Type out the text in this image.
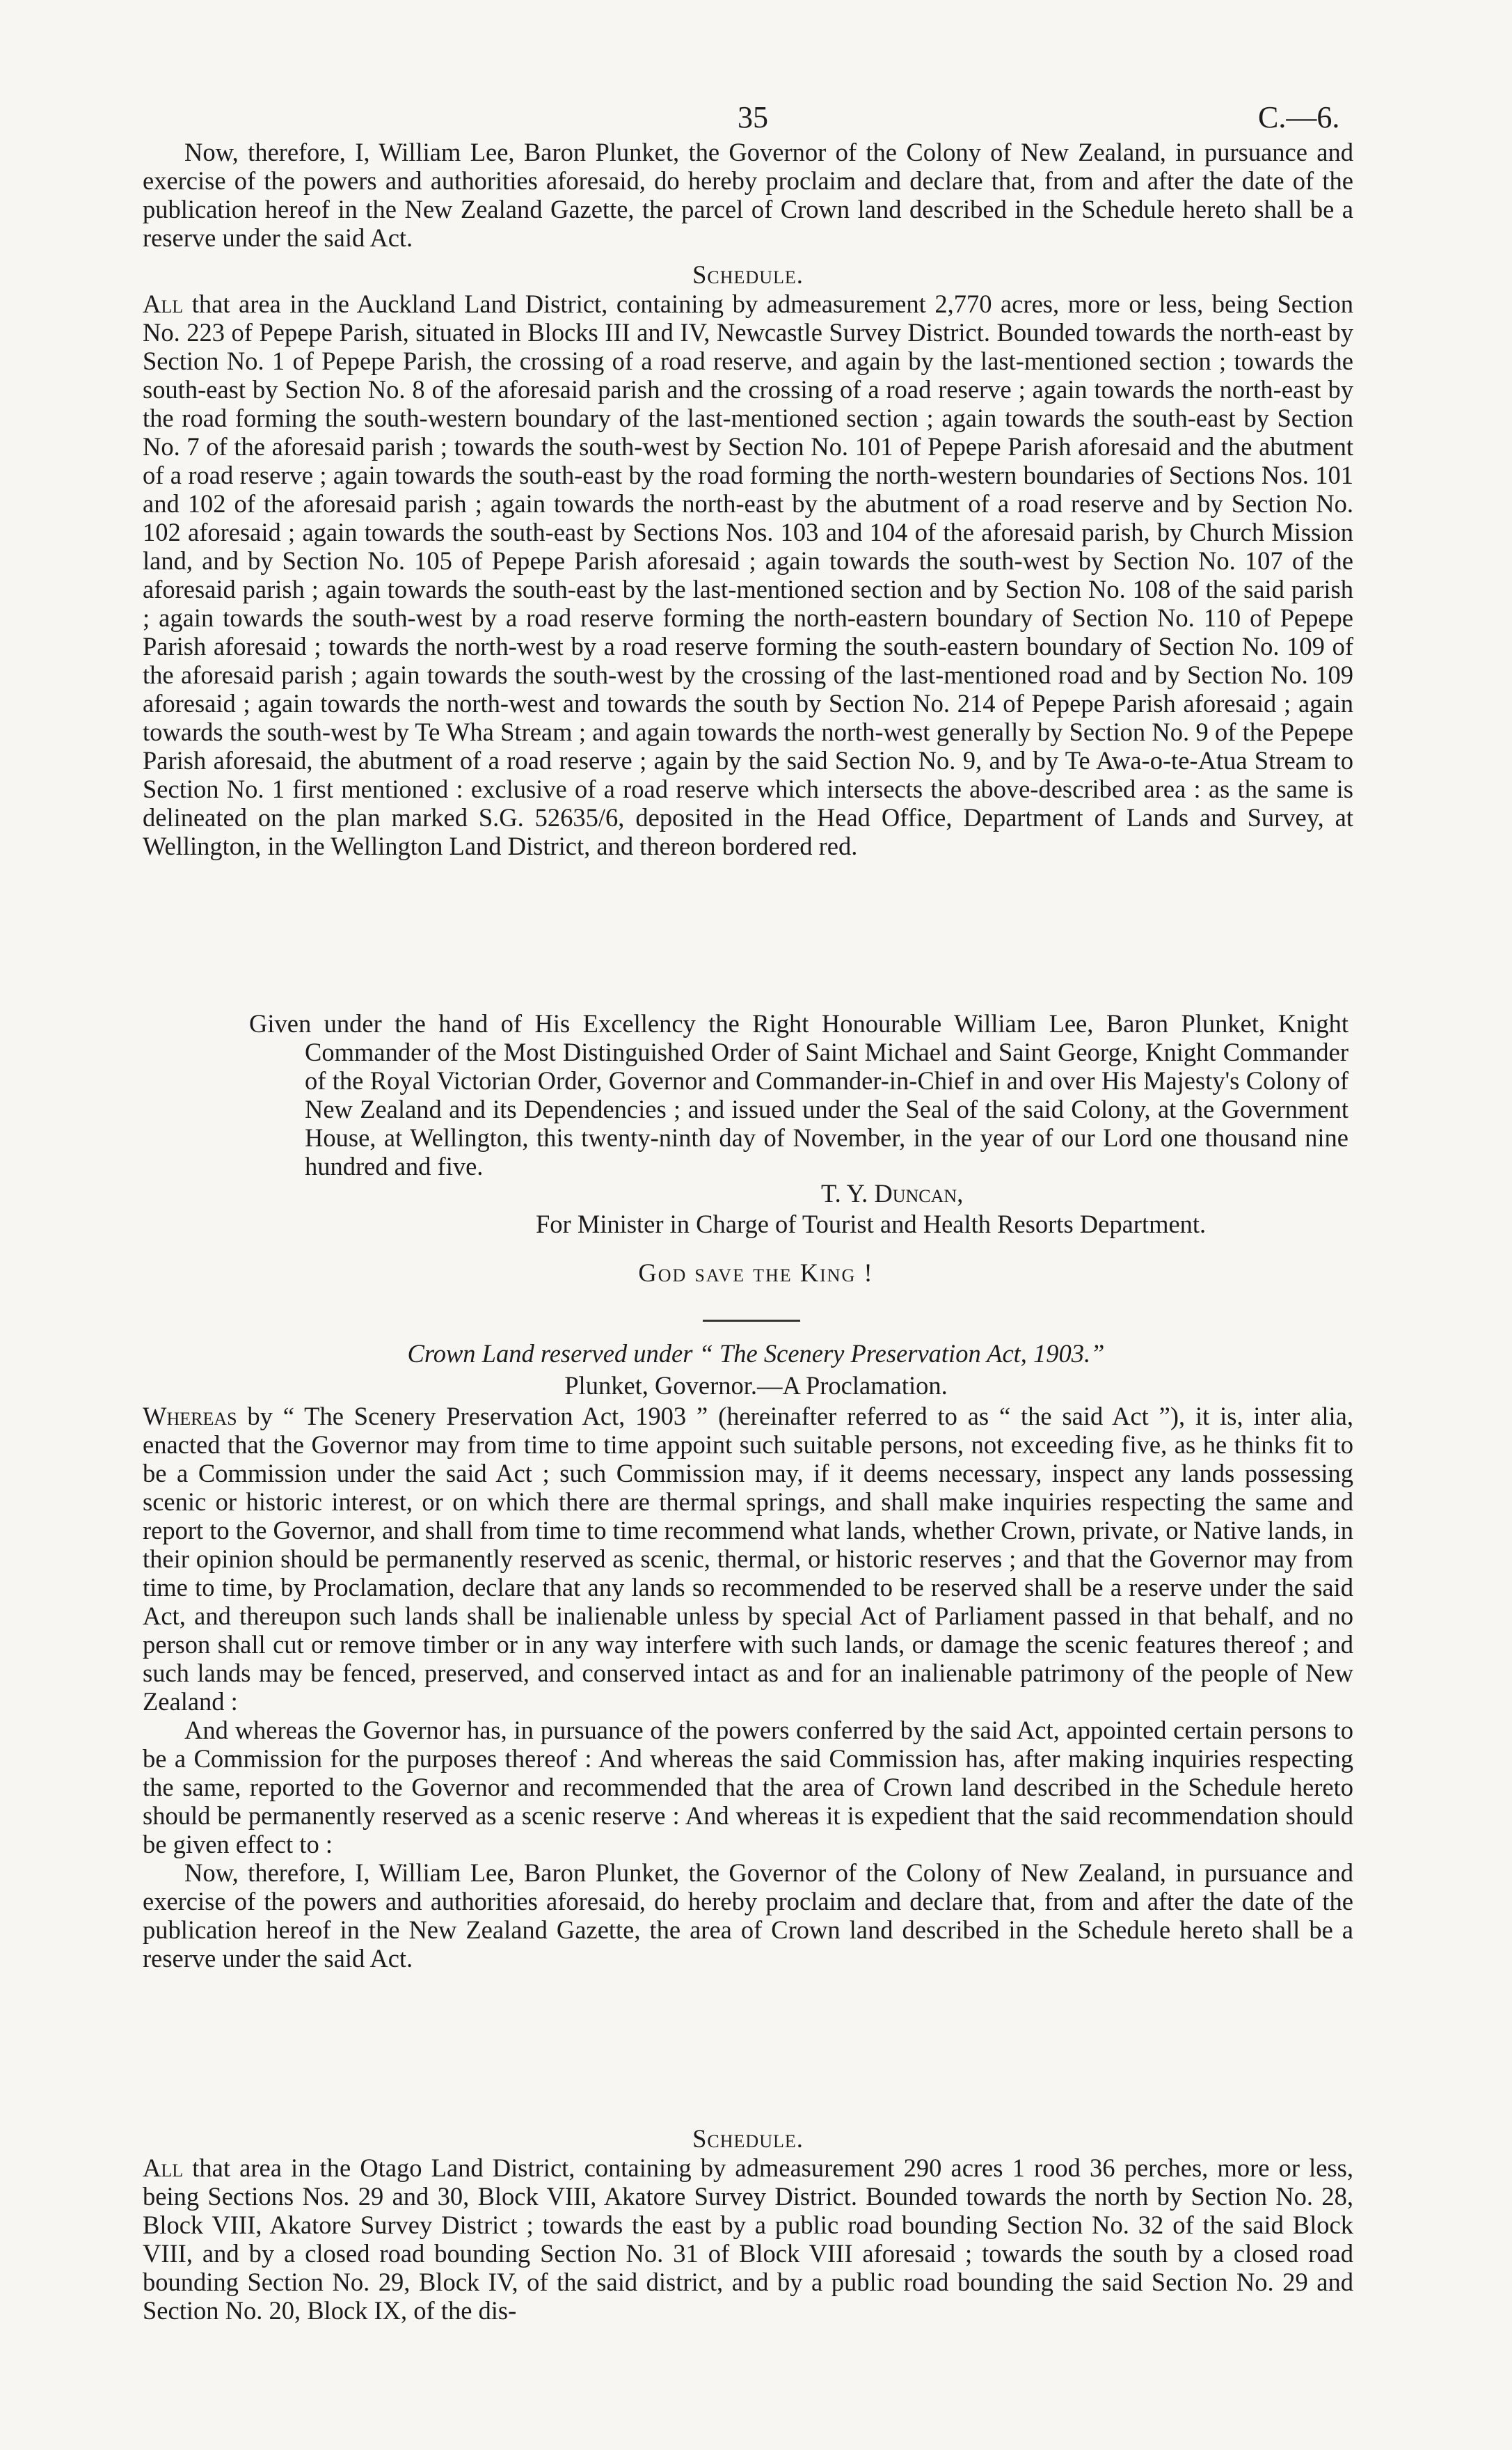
35	C.—6.

Now, therefore, I, William Lee, Baron Plunket, the Governor of the Colony of New Zealand, in pursuance and exercise of the powers and authorities aforesaid, do hereby proclaim and declare that, from and after the date of the publication hereof in the New Zealand Gazette, the parcel of Crown land described in the Schedule hereto shall be a reserve under the said Act.

Schedule.

All that area in the Auckland Land District, containing by admeasurement 2,770 acres, more or less, being Section No. 223 of Pepepe Parish, situated in Blocks III and IV, Newcastle Survey District. Bounded towards the north-east by Section No. 1 of Pepepe Parish, the crossing of a road reserve, and again by the last-mentioned section ; towards the south-east by Section No. 8 of the aforesaid parish and the crossing of a road reserve ; again towards the north-east by the road forming the south-western boundary of the last-mentioned section ; again towards the south-east by Section No. 7 of the aforesaid parish ; towards the south-west by Section No. 101 of Pepepe Parish aforesaid and the abutment of a road reserve ; again towards the south-east by the road forming the north-western boundaries of Sections Nos. 101 and 102 of the aforesaid parish ; again towards the north-east by the abutment of a road reserve and by Section No. 102 aforesaid ; again towards the south-east by Sections Nos. 103 and 104 of the aforesaid parish, by Church Mission land, and by Section No. 105 of Pepepe Parish aforesaid ; again towards the south-west by Section No. 107 of the aforesaid parish ; again towards the south-east by the last-mentioned section and by Section No. 108 of the said parish ; again towards the south-west by a road reserve forming the north-eastern boundary of Section No. 110 of Pepepe Parish aforesaid ; towards the north-west by a road reserve forming the south-eastern boundary of Section No. 109 of the aforesaid parish ; again towards the south-west by the crossing of the last-mentioned road and by Section No. 109 aforesaid ; again towards the north-west and towards the south by Section No. 214 of Pepepe Parish aforesaid ; again towards the south-west by Te Wha Stream ; and again towards the north-west generally by Section No. 9 of the Pepepe Parish aforesaid, the abutment of a road reserve ; again by the said Section No. 9, and by Te Awa-o-te-Atua Stream to Section No. 1 first mentioned : exclusive of a road reserve which intersects the above-described area : as the same is delineated on the plan marked S.G. 52635/6, deposited in the Head Office, Department of Lands and Survey, at Wellington, in the Wellington Land District, and thereon bordered red.

Given under the hand of His Excellency the Right Honourable William Lee, Baron Plunket, Knight Commander of the Most Distinguished Order of Saint Michael and Saint George, Knight Commander of the Royal Victorian Order, Governor and Commander-in-Chief in and over His Majesty's Colony of New Zealand and its Dependencies ; and issued under the Seal of the said Colony, at the Government House, at Wellington, this twenty-ninth day of November, in the year of our Lord one thousand nine hundred and five.

T. Y. Duncan,
For Minister in Charge of Tourist and Health Resorts Department.
God save the King !
Crown Land reserved under “ The Scenery Preservation Act, 1903.”
Plunket, Governor.—A Proclamation.

Whereas by “ The Scenery Preservation Act, 1903 ” (hereinafter referred to as “ the said Act ”), it is, inter alia, enacted that the Governor may from time to time appoint such suitable persons, not exceeding five, as he thinks fit to be a Commission under the said Act ; such Commission may, if it deems necessary, inspect any lands possessing scenic or historic interest, or on which there are thermal springs, and shall make inquiries respecting the same and report to the Governor, and shall from time to time recommend what lands, whether Crown, private, or Native lands, in their opinion should be permanently reserved as scenic, thermal, or historic reserves ; and that the Governor may from time to time, by Proclamation, declare that any lands so recommended to be reserved shall be a reserve under the said Act, and thereupon such lands shall be inalienable unless by special Act of Parliament passed in that behalf, and no person shall cut or remove timber or in any way interfere with such lands, or damage the scenic features thereof ; and such lands may be fenced, preserved, and conserved intact as and for an inalienable patrimony of the people of New Zealand :

And whereas the Governor has, in pursuance of the powers conferred by the said Act, appointed certain persons to be a Commission for the purposes thereof : And whereas the said Commission has, after making inquiries respecting the same, reported to the Governor and recommended that the area of Crown land described in the Schedule hereto should be permanently reserved as a scenic reserve : And whereas it is expedient that the said recommendation should be given effect to :

Now, therefore, I, William Lee, Baron Plunket, the Governor of the Colony of New Zealand, in pursuance and exercise of the powers and authorities aforesaid, do hereby proclaim and declare that, from and after the date of the publication hereof in the New Zealand Gazette, the area of Crown land described in the Schedule hereto shall be a reserve under the said Act.

Schedule.

All that area in the Otago Land District, containing by admeasurement 290 acres 1 rood 36 perches, more or less, being Sections Nos. 29 and 30, Block VIII, Akatore Survey District. Bounded towards the north by Section No. 28, Block VIII, Akatore Survey District ; towards the east by a public road bounding Section No. 32 of the said Block VIII, and by a closed road bounding Section No. 31 of Block VIII aforesaid ; towards the south by a closed road bounding Section No. 29, Block IV, of the said district, and by a public road bounding the said Section No. 29 and Section No. 20, Block IX, of the dis-
